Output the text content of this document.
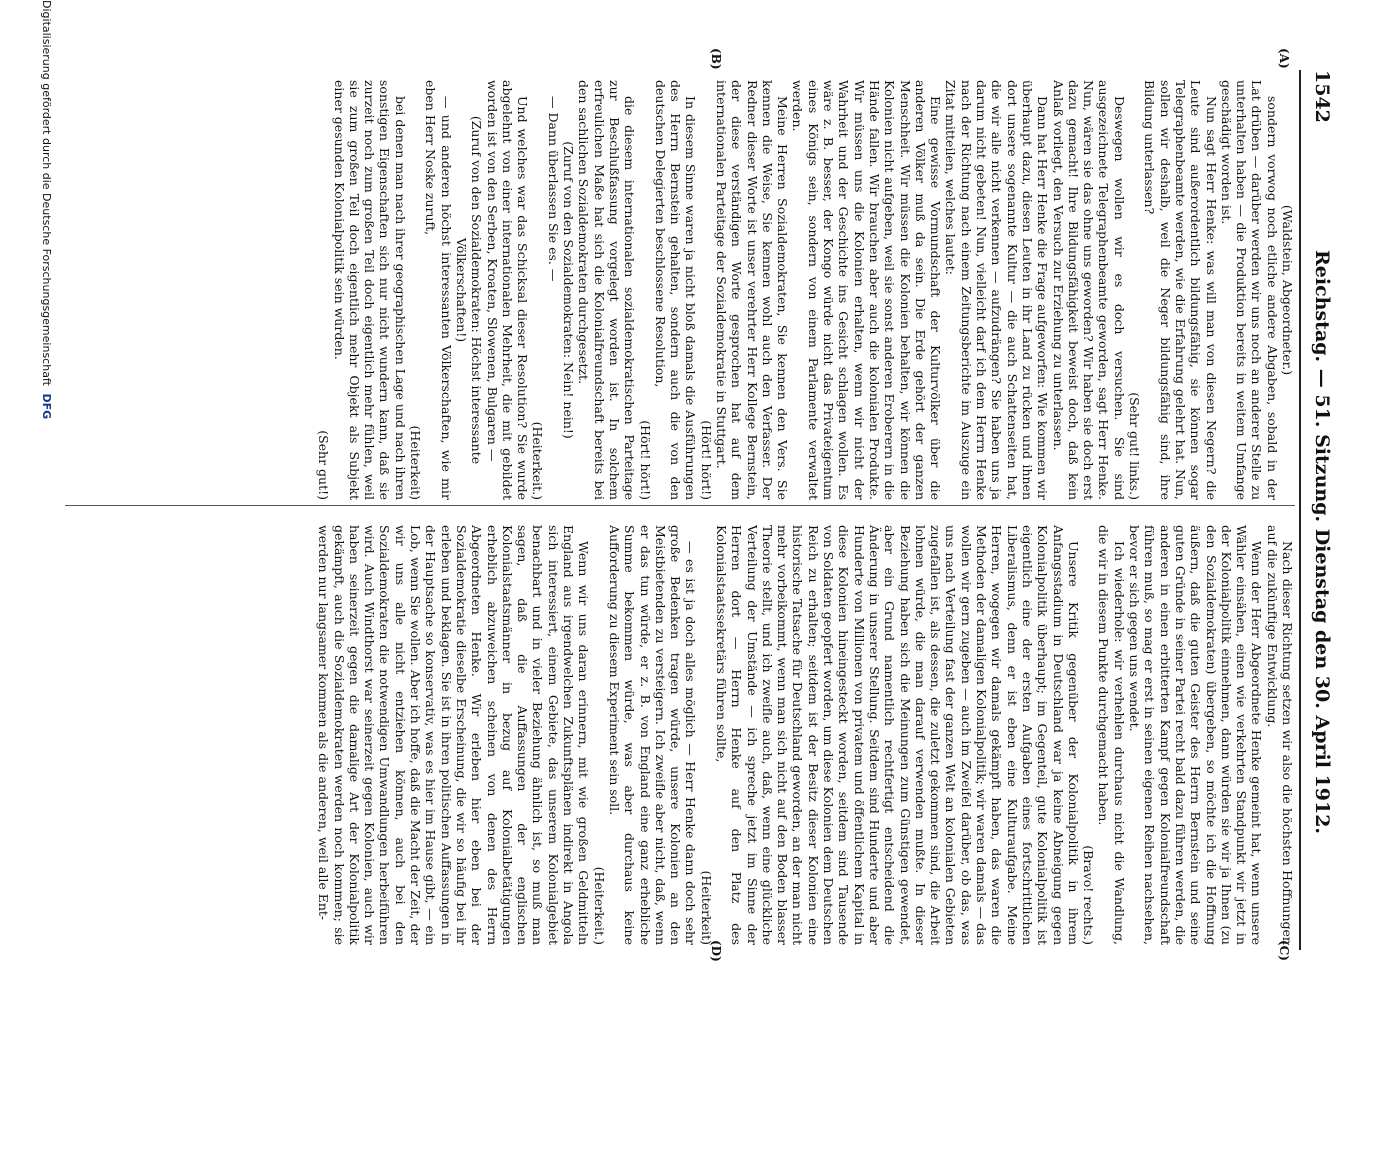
1542
Reichstag. — 51. Sitzung. Dienstag den 30. April 1912.
(A)
(B)
(C)
(D)

(Waldstein, Abgeordneter.)

sondern vorwog noch etliche andere Abgaben, sobald in der Lat drüben — darüber werden wir uns noch an anderer Stelle zu unterhalten haben — die Produktion bereits in weitem Umfange geschädigt worden ist.

Nun sagt Herr Henke: was will man von diesen Negern? die Leute sind außerordentlich bildungsfähig, sie können sogar Telegraphenbeamte werden, wie die Erfahrung gelehrt hat. Nun, sollen wir deshalb, weil die Neger bildungsfähig sind, ihre Bildung unterlassen?

(Sehr gut! links.)

Deswegen wollen wir es doch versuchen. Sie sind ausgezeichnete Telegraphenbeamte geworden, sagt Herr Henke. Nun, wären sie das ohne uns geworden? Wir haben sie doch erst dazu gemacht! Ihre Bildungsfähigkeit beweist doch, daß kein Anlaß vorliegt, den Versuch zur Erziehung zu unterlassen.

Dann hat Herr Henke die Frage aufgeworfen: Wie kommen wir überhaupt dazu, diesen Leuten in ihr Land zu rücken und ihnen dort unsere sogenannte Kultur — die auch Schattenseiten hat, die wir alle nicht verkennen — aufzudrängen? Sie haben uns ja darum nicht gebeten! Nun, vielleicht darf ich dem Herrn Henke nach der Richtung nach einem Zeitungsberichte im Auszuge ein Zitat mitteilen, welches lautet:

Eine gewisse Vormundschaft der Kulturvölker über die anderen Völker muß da sein. Die Erde gehört der ganzen Menschheit. Wir müssen die Kolonien behalten, wir können die Kolonien nicht aufgeben, weil sie sonst anderen Eroberern in die Hände fallen. Wir brauchen aber auch die kolonialen Produkte. Wir müssen uns die Kolonien erhalten, wenn wir nicht der Wahrheit und der Geschichte ins Gesicht schlagen wollen. Es wäre z. B. besser, der Kongo würde nicht das Privateigentum eines Königs sein, sondern von einem Parlamente verwaltet werden.

Meine Herren Sozialdemokraten, Sie kennen den Vers. Sie kennen die Weise, Sie kennen wohl auch den Verfasser. Der Redner dieser Worte ist unser verehrter Herr Kollege Bernstein, der diese verständigen Worte gesprochen hat auf dem internationalen Parteitage der Sozialdemokratie in Stuttgart.

(Hört! hört!)

In diesem Sinne waren ja nicht bloß damals die Ausführungen des Herrn Bernstein gehalten, sondern auch die von den deutschen Delegierten beschlossene Resolution,

(Hört! hört!)

die diesem internationalen sozialdemokratischen Parteitage zur Beschlußfassung vorgelegt worden ist. In solchem erfreulichen Maße hat sich die Kolonialfreundschaft bereits bei den sachlichen Sozialdemokraten durchgesetzt.

(Zuruf von den Sozialdemokraten: Nein! nein!)

— Dann überlassen Sie es. —

(Heiterkeit.)

Und welches war das Schicksal dieser Resolution? Sie wurde abgelehnt von einer internationalen Mehrheit, die mit gebildet worden ist von den Serben, Kroaten, Slowenen, Bulgaren —

(Zuruf von den Sozialdemokraten: Höchst interessante Völkerschaften!)

— und anderen höchst interessanten Völkerschaften, wie mir eben Herr Noske zuruft,

(Heiterkeit)

bei denen man nach ihrer geographischen Lage und nach ihren sonstigen Eigenschaften sich nur nicht wundern kann, daß sie zurzeit noch zum großen Teil doch eigentlich mehr fühlen, weil sie zum großen Teil doch eigentlich mehr Objekt als Subjekt einer gesunden Kolonialpolitik sein würden.

(Sehr gut!)

Nach dieser Richtung setzen wir also die höchsten Hoffnungen auf die zukünftige Entwicklung.

Wenn der Herr Abgeordnete Henke gemeint hat, wenn unsere Wähler einsähen, einen wie verkehrten Standpunkt wir jetzt in der Kolonialpolitik einnehmen, dann würden sie wir ja Ihnen (zu den Sozialdemokraten) übergeben, so möchte ich die Hoffnung äußern, daß die guten Geister des Herrn Bernstein und seine guten Gründe in seiner Partei recht bald dazu führen werden, die anderen in einen erbitterten Kampf gegen Kolonialfreundschaft führen muß, so mag er erst in seinen eigenen Reihen nachsehen, bevor er sich gegen uns wendet.

Ich wiederhole: wir verhehlen durchaus nicht die Wandlung, die wir in diesem Punkte durchgemacht haben.

(Bravo! rechts.)

Unsere Kritik gegenüber der Kolonialpolitik in ihrem Anfangsstadium in Deutschland war ja keine Abneigung gegen Kolonialpolitik überhaupt; im Gegenteil, gute Kolonialpolitik ist eigentlich eine der ersten Aufgaben eines fortschrittlichen Liberalismus, denn er ist eben eine Kulturaufgabe. Meine Herren, wogegen wir damals gekämpft haben, das waren die Methoden der damaligen Kolonialpolitik; wir waren damals — das wollen wir gern zugeben — auch im Zweifel darüber, ob das, was uns nach Verteilung fast der ganzen Welt an kolonialen Gebieten zugefallen ist, als dessen, die zuletzt gekommen sind, die Arbeit lohnen würde, die man darauf verwenden mußte. In dieser Beziehung haben sich die Meinungen zum Günstigen gewendet, aber ein Grund namentlich rechtfertigt entscheidend die Änderung in unserer Stellung. Seitdem sind Hunderte und aber Hunderte von Millionen von privatem und öffentlichem Kapital in diese Kolonien hineingesteckt worden, seitdem sind Tausende von Soldaten geopfert worden, um diese Kolonien dem Deutschen Reich zu erhalten; seitdem ist der Besitz dieser Kolonien eine historische Tatsache für Deutschland geworden, an der man nicht mehr vorbeikommt, wenn man sich nicht auf den Boden blasser Theorie stellt, und ich zweifle auch, daß, wenn eine glückliche Verteilung der Umstände — ich spreche jetzt im Sinne der Herren dort — Herrn Henke auf den Platz des Kolonialstaatssekretärs führen sollte,

(Heiterkeit)

— es ist ja doch alles möglich — Herr Henke dann doch sehr große Bedenken tragen würde, unsere Kolonien an den Meistbietenden zu versteigern. Ich zweifle aber nicht, daß, wenn er das tun würde, er z. B. von England eine ganz erhebliche Summe bekommen würde, was aber durchaus keine Aufforderung zu diesem Experiment sein soll.

(Heiterkeit.)

Wenn wir uns daran erinnern, mit wie großen Geldmitteln England aus irgendwelchen Zukunftsplänen indirekt in Angola sich interessiert, einem Gebiete, das unserem Kolonialgebiet benachbart und in vieler Beziehung ähnlich ist, so muß man sagen, daß die Auffassungen der englischen Kolonialstaatsmänner in bezug auf Kolonialbetätigungen erheblich abzuweichen scheinen von denen des Herrn Abgeordneten Henke. Wir erleben hier eben bei der Sozialdemokratie dieselbe Erscheinung, die wir so häufig bei ihr erleben und beklagen. Sie ist in ihren politischen Auffassungen in der Hauptsache so konservativ, was es hier im Hause gibt, — ein Lob, wenn Sie wollen. Aber ich hoffe, daß die Macht der Zeit, der wir uns alle nicht entziehen können, auch bei den Sozialdemokraten die notwendigen Umwandlungen herbeiführen wird. Auch Windthorst war seinerzeit gegen Kolonien, auch wir haben seinerzeit gegen die damalige Art der Kolonialpolitik gekämpft, auch die Sozialdemokraten werden noch kommen; sie werden nur langsamer kommen als die anderen, weil alle Ent-

Digitalisierung gefördert durch die Deutsche Forschungsgemeinschaft DFG
